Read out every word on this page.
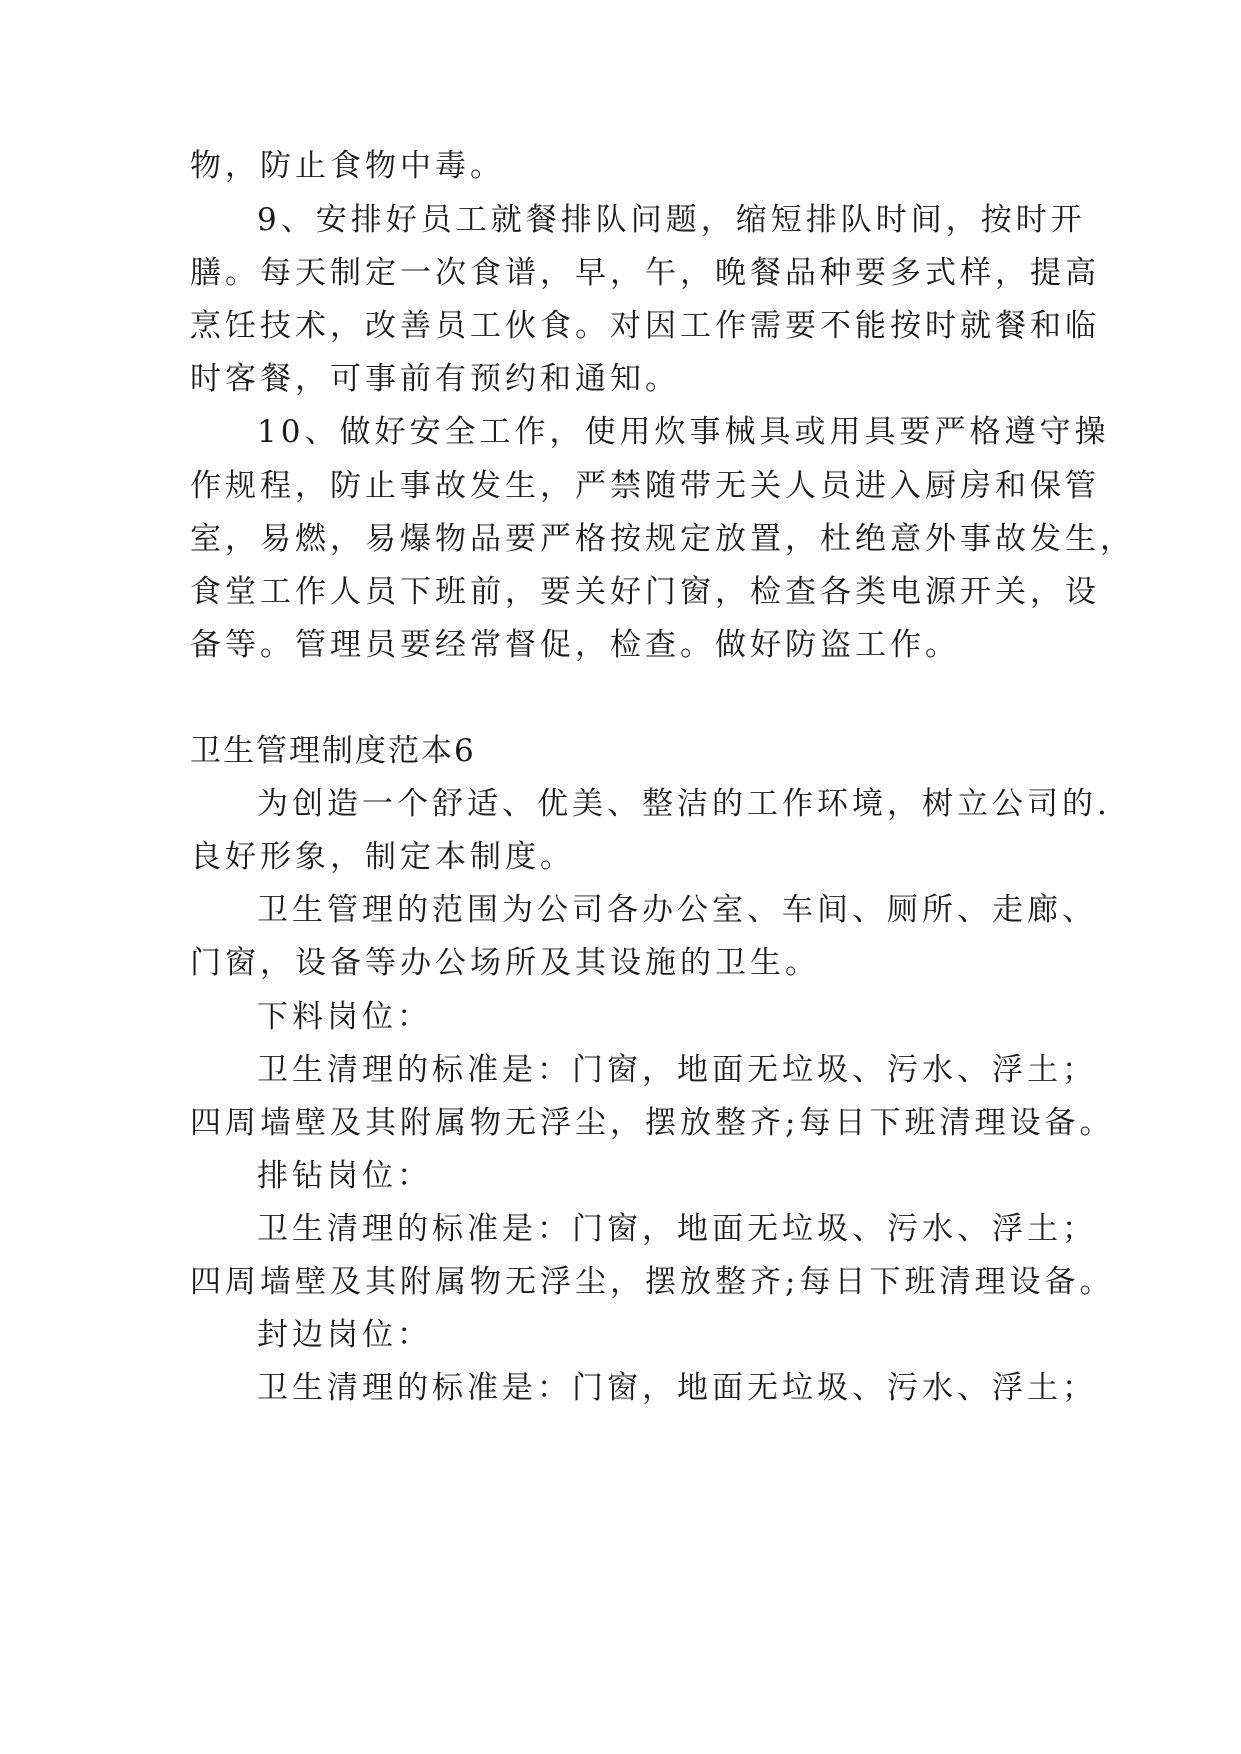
物，防止食物中毒。
9、安排好员工就餐排队问题，缩短排队时间，按时开
膳。每天制定一次食谱，早，午，晚餐品种要多式样，提高
烹饪技术，改善员工伙食。对因工作需要不能按时就餐和临
时客餐，可事前有预约和通知。
10、做好安全工作，使用炊事械具或用具要严格遵守操
作规程，防止事故发生，严禁随带无关人员进入厨房和保管
室，易燃，易爆物品要严格按规定放置，杜绝意外事故发生，
食堂工作人员下班前，要关好门窗，检查各类电源开关，设
备等。管理员要经常督促，检查。做好防盗工作。
卫生管理制度范本6
为创造一个舒适、优美、整洁的工作环境，树立公司的.
良好形象，制定本制度。
卫生管理的范围为公司各办公室、车间、厕所、走廊、
门窗，设备等办公场所及其设施的卫生。
下料岗位：
卫生清理的标准是：门窗，地面无垃圾、污水、浮土；
四周墙壁及其附属物无浮尘，摆放整齐;每日下班清理设备。
排钻岗位：
卫生清理的标准是：门窗，地面无垃圾、污水、浮土；
四周墙壁及其附属物无浮尘，摆放整齐;每日下班清理设备。
封边岗位：
卫生清理的标准是：门窗，地面无垃圾、污水、浮土；
